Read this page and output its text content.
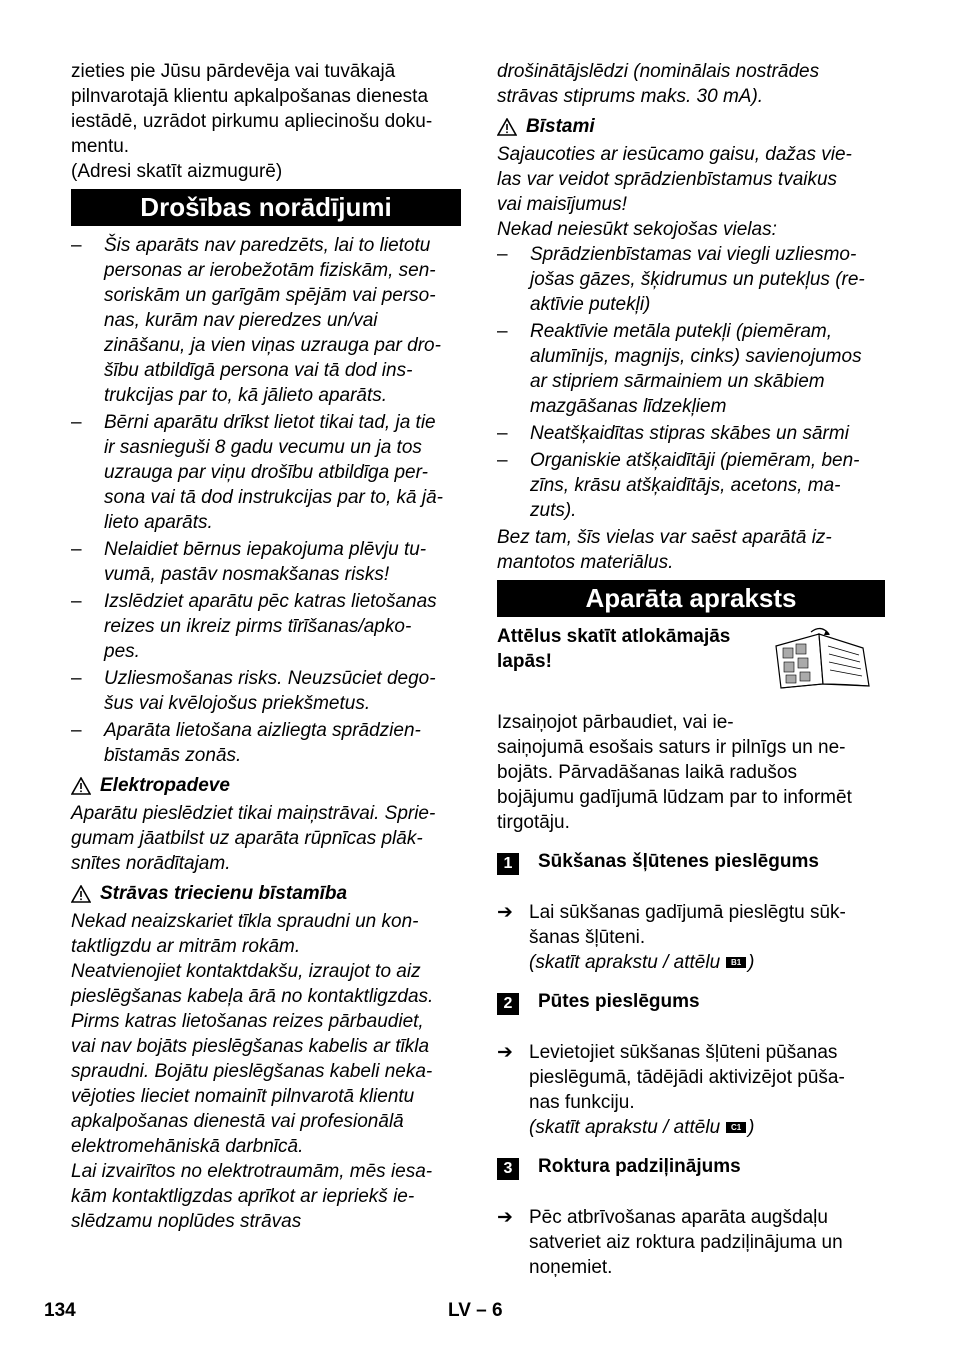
zieties pie Jūsu pārdevēja vai tuvākajā
pilnvarotajā klientu apkalpošanas dienesta
iestādē, uzrādot pirkumu apliecinošu doku-
mentu.
(Adresi skatīt aizmugurē)
Drošības norādījumi
– Šis aparāts nav paredzēts, lai to lietotu
personas ar ierobežotām fiziskām, sen-
soriskām un garīgām spējām vai perso-
nas, kurām nav pieredzes un/vai
zināšanu, ja vien viņas uzrauga par dro-
šību atbildīgā persona vai tā dod ins-
trukcijas par to, kā jālieto aparāts.
– Bērni aparātu drīkst lietot tikai tad, ja tie
ir sasnieguši 8 gadu vecumu un ja tos
uzrauga par viņu drošību atbildīga per-
sona vai tā dod instrukcijas par to, kā jā-
lieto aparāts.
– Nelaidiet bērnus iepakojuma plēvju tu-
vumā, pastāv nosmakšanas risks!
– Izslēdziet aparātu pēc katras lietošanas
reizes un ikreiz pirms tīrīšanas/apko-
pes.
– Uzliesmošanas risks. Neuzsūciet dego-
šus vai kvēlojošus priekšmetus.
– Aparāta lietošana aizliegta sprādzien-
bīstamās zonās.
Elektropadeve
Aparātu pieslēdziet tikai maiņstrāvai. Sprie-
gumam jāatbilst uz aparāta rūpnīcas plāk-
snītes norādītajam.
Strāvas triecienu bīstamība
Nekad neaizskariet tīkla spraudni un kon-
taktligzdu ar mitrām rokām.
Neatvienojiet kontaktdakšu, izraujot to aiz
pieslēgšanas kabeļa ārā no kontaktligzdas.
Pirms katras lietošanas reizes pārbaudiet,
vai nav bojāts pieslēgšanas kabelis ar tīkla
spraudni. Bojātu pieslēgšanas kabeli neka-
vējoties lieciet nomainīt pilnvarotā klientu
apkalpošanas dienestā vai profesionālā
elektromehāniskā darbnīcā.
Lai izvairītos no elektrotraumām, mēs iesa-
kām kontaktligzdas aprīkot ar iepriekš ie-
slēdzamu noplūdes strāvas
drošinātājslēdzi (nominālais nostrādes
strāvas stiprums maks. 30 mA).
Bīstami
Sajaucoties ar iesūcamo gaisu, dažas vie-
las var veidot sprādzienbīstamus tvaikus
vai maisījumus!
Nekad neiesūkt sekojošas vielas:
– Sprādzienbīstamas vai viegli uzliesmo-
jošas gāzes, šķidrumus un putekļus (re-
aktīvie putekļi)
– Reaktīvie metāla putekļi (piemēram,
alumīnijs, magnijs, cinks) savienojumos
ar stipriem sārmainiem un skābiem
mazgāšanas līdzekļiem
– Neatšķaidītas stipras skābes un sārmi
– Organiskie atšķaidītāji (piemēram, ben-
zīns, krāsu atšķaidītājs, acetons, ma-
zuts).
Bez tam, šīs vielas var saēst aparātā iz-
mantotos materiālus.
Aparāta apraksts
Attēlus skatīt atlokāmajās
lapās!
Izsaiņojot pārbaudiet, vai ie-
saiņojumā esošais saturs ir pilnīgs un ne-
bojāts. Pārvadāšanas laikā radušos
bojājumu gadījumā lūdzam par to informēt
tirgotāju.
1	Sūkšanas šļūtenes pieslēgums
➔ Lai sūkšanas gadījumā pieslēgtu sūk-
šanas šļūteni.
(skatīt aprakstu / attēlu B1 )
2	Pūtes pieslēgums
➔ Levietojiet sūkšanas šļūteni pūšanas
pieslēgumā, tādējādi aktivizējot pūša-
nas funkciju.
(skatīt aprakstu / attēlu C1 )
3	Roktura padziļinājums
➔ Pēc atbrīvošanas aparāta augšdaļu
satveriet aiz roktura padziļinājuma un
noņemiet.
134	LV – 6
